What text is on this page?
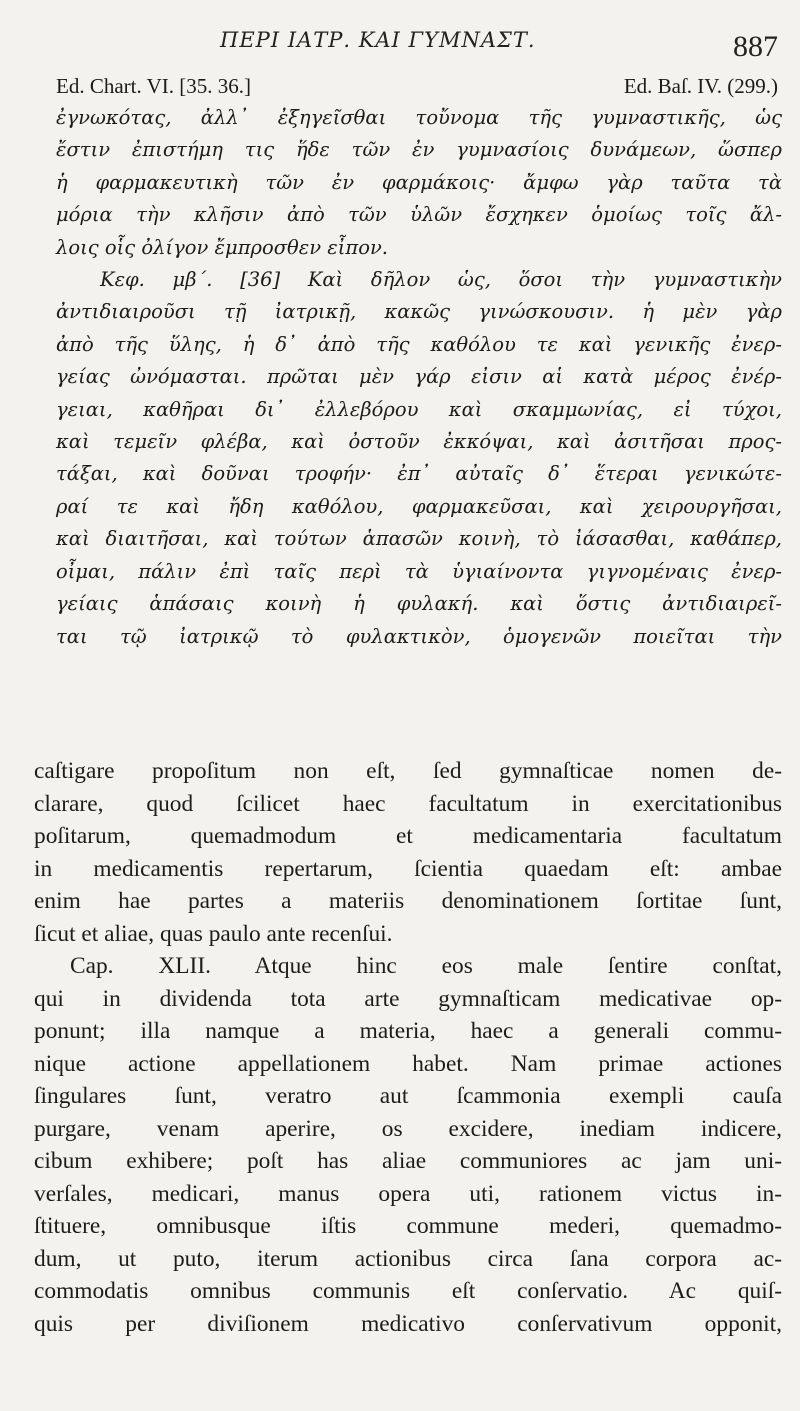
ΠΕΡΙ ΙΑΤΡ. ΚΑΙ ΓΥΜΝΑΣΤ.	887
Ed. Chart. VI. [35. 36.]	Ed. Baſ. IV. (299.)
ἐγνωκότας, ἀλλ᾽ ἐξηγεῖσθαι τοὔνομα τῆς γυμναστικῆς, ὡς
ἔστιν ἐπιστήμη τις ἥδε τῶν ἐν γυμνασίοις δυνάμεων, ὥσπερ
ἡ φαρμακευτικὴ τῶν ἐν φαρμάκοις· ἄμφω γὰρ ταῦτα τὰ
μόρια τὴν κλῆσιν ἀπὸ τῶν ὑλῶν ἔσχηκεν ὁμοίως τοῖς ἄλ-
λοις οἷς ὀλίγον ἔμπροσθεν εἶπον.
Κεφ. μβ΄. [36] Καὶ δῆλον ὡς, ὅσοι τὴν γυμναστικὴν
ἀντιδιαιροῦσι τῇ ἰατρικῇ, κακῶς γινώσκουσιν. ἡ μὲν γὰρ
ἀπὸ τῆς ὕλης, ἡ δ᾽ ἀπὸ τῆς καθόλου τε καὶ γενικῆς ἐνερ-
γείας ὠνόμασται. πρῶται μὲν γάρ εἰσιν αἱ κατὰ μέρος ἐνέρ-
γειαι, καθῆραι δι᾽ ἐλλεβόρου καὶ σκαμμωνίας, εἰ τύχοι,
καὶ τεμεῖν φλέβα, καὶ ὀστοῦν ἐκκόψαι, καὶ ἀσιτῆσαι προς-
τάξαι, καὶ δοῦναι τροφήν· ἐπ᾽ αὐταῖς δ᾽ ἕτεραι γενικώτε-
ραί τε καὶ ἤδη καθόλου, φαρμακεῦσαι, καὶ χειρουργῆσαι,
καὶ διαιτῆσαι, καὶ τούτων ἁπασῶν κοινὴ, τὸ ἰάσασθαι, καθάπερ,
οἶμαι, πάλιν ἐπὶ ταῖς περὶ τὰ ὑγιαίνοντα γιγνομέναις ἐνερ-
γείαις ἁπάσαις κοινὴ ἡ φυλακή. καὶ ὅστις ἀντιδιαιρεῖ-
ται τῷ ἰατρικῷ τὸ φυλακτικὸν, ὁμογενῶν ποιεῖται τὴν
caſtigare propoſitum non eſt, ſed gymnaſticae nomen de-
clarare, quod ſcilicet haec facultatum in exercitationibus
poſitarum, quemadmodum et medicamentaria facultatum
in medicamentis repertarum, ſcientia quaedam eſt: ambae
enim hae partes a materiis denominationem ſortitae ſunt,
ſicut et aliae, quas paulo ante recenſui.
Cap. XLII. Atque hinc eos male ſentire conſtat,
qui in dividenda tota arte gymnaſticam medicativae op-
ponunt; illa namque a materia, haec a generali commu-
nique actione appellationem habet. Nam primae actiones
ſingulares ſunt, veratro aut ſcammonia exempli cauſa
purgare, venam aperire, os excidere, inediam indicere,
cibum exhibere; poſt has aliae communiores ac jam uni-
verſales, medicari, manus opera uti, rationem victus in-
ſtituere, omnibusque iſtis commune mederi, quemadmo-
dum, ut puto, iterum actionibus circa ſana corpora ac-
commodatis omnibus communis eſt conſervatio. Ac quiſ-
quis per diviſionem medicativo conſervativum opponit,
